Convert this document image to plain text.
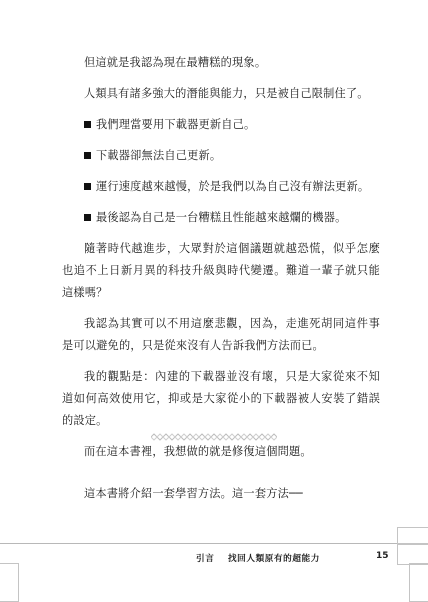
但這就是我認為現在最糟糕的現象。

人類具有諸多強大的潛能與能力，只是被自己限制住了。

我們理當要用下載器更新自己。
下載器卻無法自己更新。
運行速度越來越慢，於是我們以為自己沒有辦法更新。
最後認為自己是一台糟糕且性能越來越爛的機器。

隨著時代越進步，大眾對於這個議題就越恐慌，似乎怎麼也追不上日新月異的科技升級與時代變遷。難道一輩子就只能這樣嗎？

我認為其實可以不用這麼悲觀，因為，走進死胡同這件事是可以避免的，只是從來沒有人告訴我們方法而已。

我的觀點是：內建的下載器並沒有壞，只是大家從來不知道如何高效使用它，抑或是大家從小的下載器被人安裝了錯誤的設定。

而在這本書裡，我想做的就是修復這個問題。

這本書將介紹一套學習方法。這一套方法──
引言 找回人類原有的超能力	15
